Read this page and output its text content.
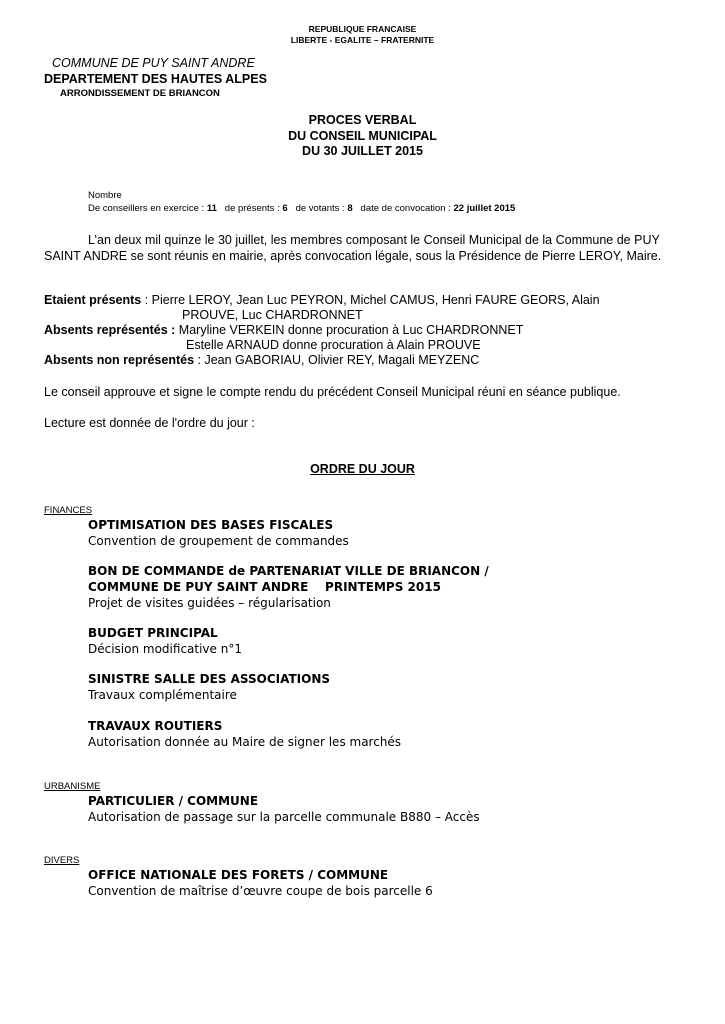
REPUBLIQUE FRANCAISE
LIBERTE - EGALITE – FRATERNITE
COMMUNE DE PUY SAINT ANDRE
DEPARTEMENT DES HAUTES ALPES
ARRONDISSEMENT DE BRIANCON
PROCES VERBAL
DU CONSEIL MUNICIPAL
DU 30 JUILLET 2015
Nombre
De conseillers en exercice : 11 de présents : 6 de votants : 8 date de convocation : 22 juillet 2015
L’an deux mil quinze le 30 juillet, les membres composant le Conseil Municipal de la Commune de PUY SAINT ANDRE se sont réunis en mairie, après convocation légale, sous la Présidence de Pierre LEROY, Maire.
Etaient présents : Pierre LEROY, Jean Luc PEYRON, Michel CAMUS, Henri FAURE GEORS, Alain
PROUVE, Luc CHARDRONNET
Absents représentés : Maryline VERKEIN donne procuration à Luc CHARDRONNET
Estelle ARNAUD donne procuration à Alain PROUVE
Absents non représentés : Jean GABORIAU, Olivier REY, Magali MEYZENC
Le conseil approuve et signe le compte rendu du précédent Conseil Municipal réuni en séance publique.
Lecture est donnée de l'ordre du jour :
ORDRE DU JOUR
FINANCES
OPTIMISATION DES BASES FISCALES
Convention de groupement de commandes
BON DE COMMANDE de PARTENARIAT VILLE DE BRIANCON /
COMMUNE DE PUY SAINT ANDRE    PRINTEMPS 2015
Projet de visites guidées – régularisation
BUDGET PRINCIPAL
Décision modificative n°1
SINISTRE SALLE DES ASSOCIATIONS
Travaux complémentaire
TRAVAUX ROUTIERS
Autorisation donnée au Maire de signer les marchés
URBANISME
PARTICULIER / COMMUNE
Autorisation de passage sur la parcelle communale B880 – Accès
DIVERS
OFFICE NATIONALE DES FORETS / COMMUNE
Convention de maîtrise d’œuvre coupe de bois parcelle 6
